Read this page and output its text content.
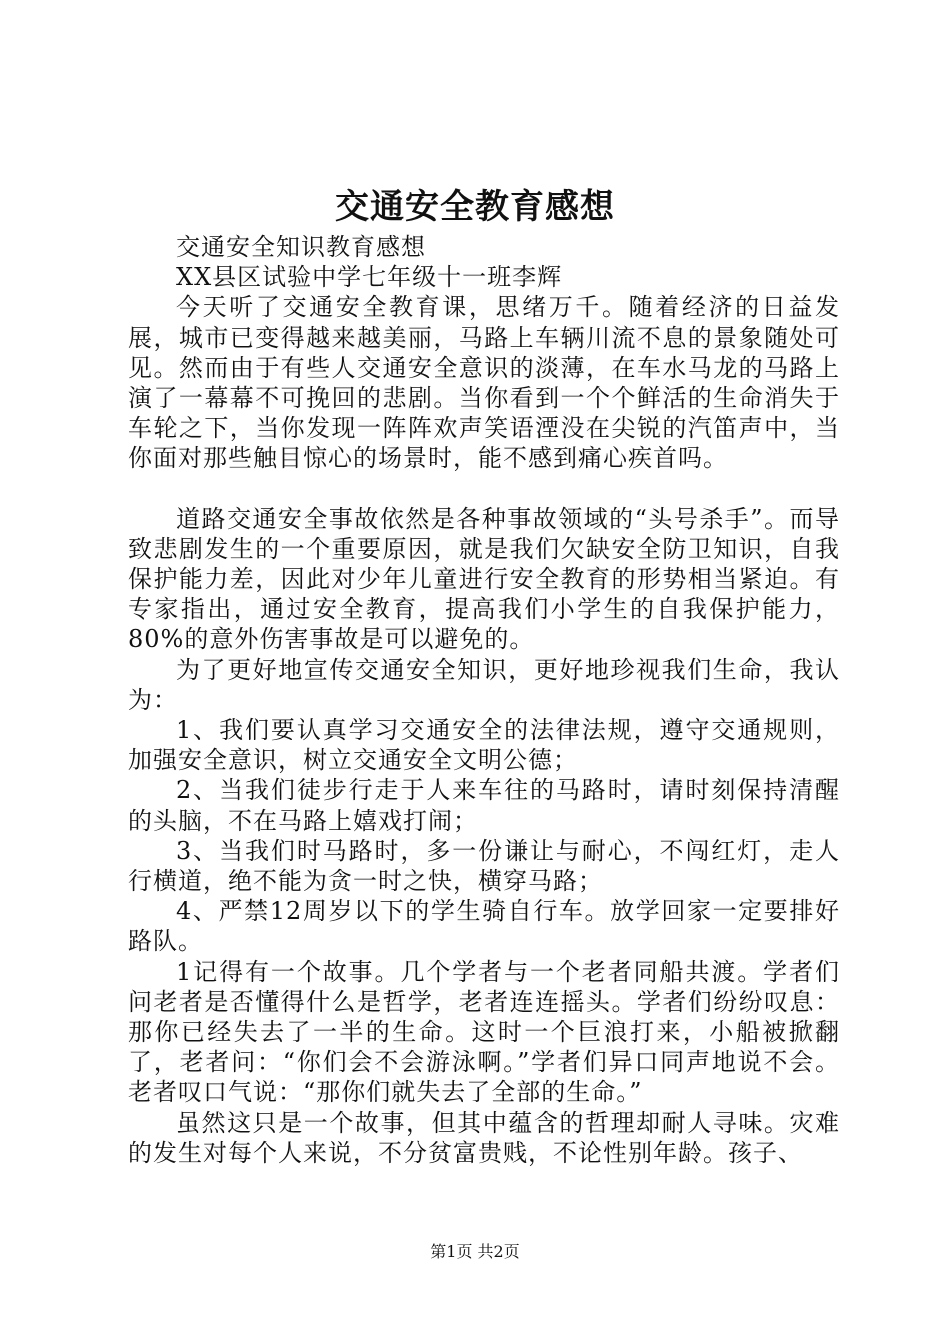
交通安全教育感想

交通安全知识教育感想

XX县区试验中学七年级十一班李辉

今天听了交通安全教育课，思绪万千。随着经济的日益发展，城市已变得越来越美丽，马路上车辆川流不息的景象随处可见。然而由于有些人交通安全意识的淡薄，在车水马龙的马路上演了一幕幕不可挽回的悲剧。当你看到一个个鲜活的生命消失于车轮之下，当你发现一阵阵欢声笑语湮没在尖锐的汽笛声中，当你面对那些触目惊心的场景时，能不感到痛心疾首吗。

道路交通安全事故依然是各种事故领域的“头号杀手”。而导致悲剧发生的一个重要原因，就是我们欠缺安全防卫知识，自我保护能力差，因此对少年儿童进行安全教育的形势相当紧迫。有专家指出，通过安全教育，提高我们小学生的自我保护能力，80%的意外伤害事故是可以避免的。

为了更好地宣传交通安全知识，更好地珍视我们生命，我认为：

1、我们要认真学习交通安全的法律法规，遵守交通规则，加强安全意识，树立交通安全文明公德；

2、当我们徒步行走于人来车往的马路时，请时刻保持清醒的头脑，不在马路上嬉戏打闹；

3、当我们时马路时，多一份谦让与耐心，不闯红灯，走人行横道，绝不能为贪一时之快，横穿马路；

4、严禁12周岁以下的学生骑自行车。放学回家一定要排好路队。

1记得有一个故事。几个学者与一个老者同船共渡。学者们问老者是否懂得什么是哲学，老者连连摇头。学者们纷纷叹息：那你已经失去了一半的生命。这时一个巨浪打来，小船被掀翻了，老者问：“你们会不会游泳啊。”学者们异口同声地说不会。老者叹口气说：“那你们就失去了全部的生命。”

虽然这只是一个故事，但其中蕴含的哲理却耐人寻味。灾难的发生对每个人来说，不分贫富贵贱，不论性别年龄。孩子、

第1页 共2页
